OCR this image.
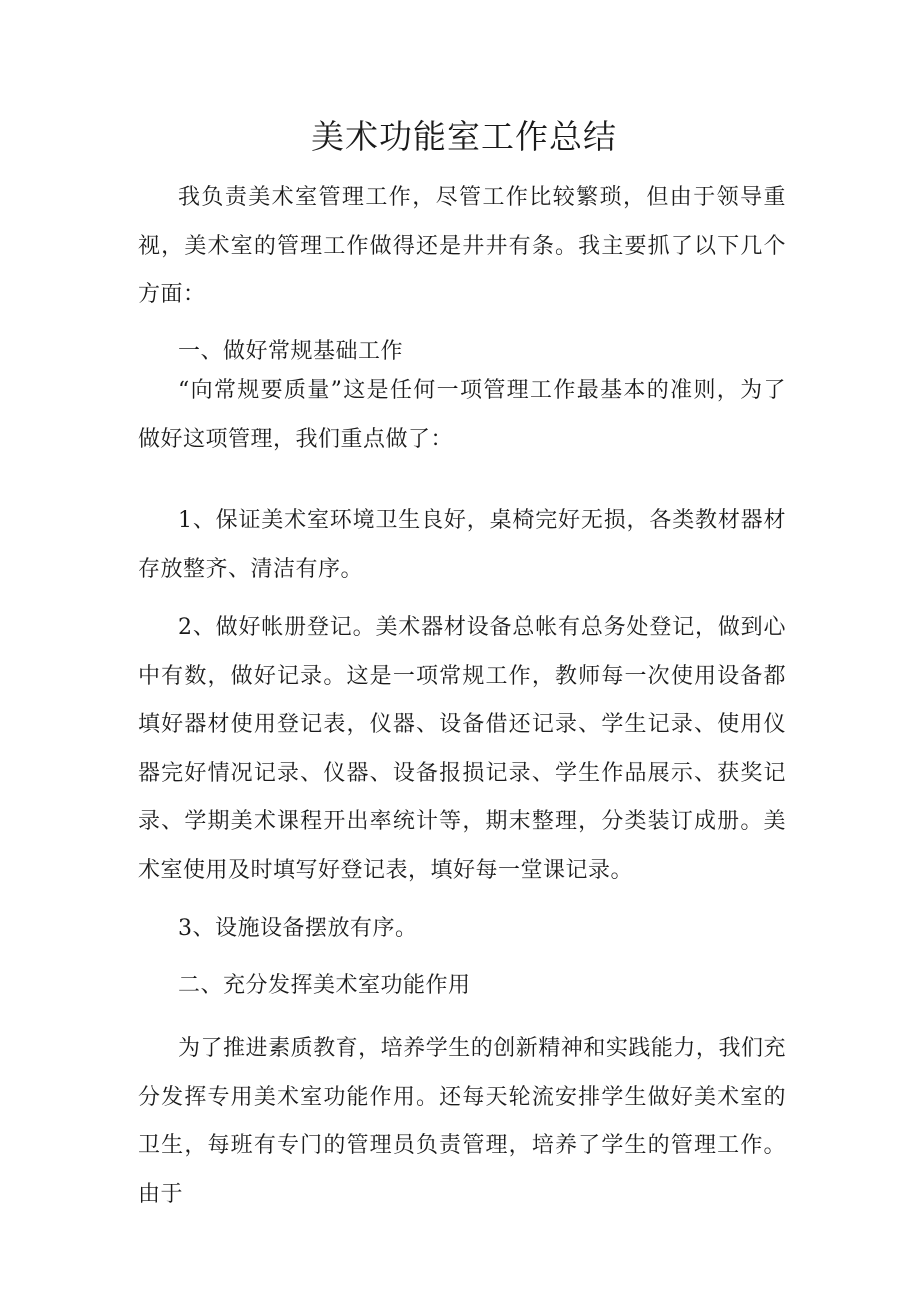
美术功能室工作总结

我负责美术室管理工作，尽管工作比较繁琐，但由于领导重视，美术室的管理工作做得还是井井有条。我主要抓了以下几个方面：

一、做好常规基础工作

“向常规要质量”这是任何一项管理工作最基本的准则，为了做好这项管理，我们重点做了：

1、保证美术室环境卫生良好，桌椅完好无损，各类教材器材存放整齐、清洁有序。

2、做好帐册登记。美术器材设备总帐有总务处登记，做到心中有数，做好记录。这是一项常规工作，教师每一次使用设备都填好器材使用登记表，仪器、设备借还记录、学生记录、使用仪器完好情况记录、仪器、设备报损记录、学生作品展示、获奖记录、学期美术课程开出率统计等，期末整理，分类装订成册。美术室使用及时填写好登记表，填好每一堂课记录。

3、设施设备摆放有序。

二、充分发挥美术室功能作用

为了推进素质教育，培养学生的创新精神和实践能力，我们充分发挥专用美术室功能作用。还每天轮流安排学生做好美术室的卫生，每班有专门的管理员负责管理，培养了学生的管理工作。由于
